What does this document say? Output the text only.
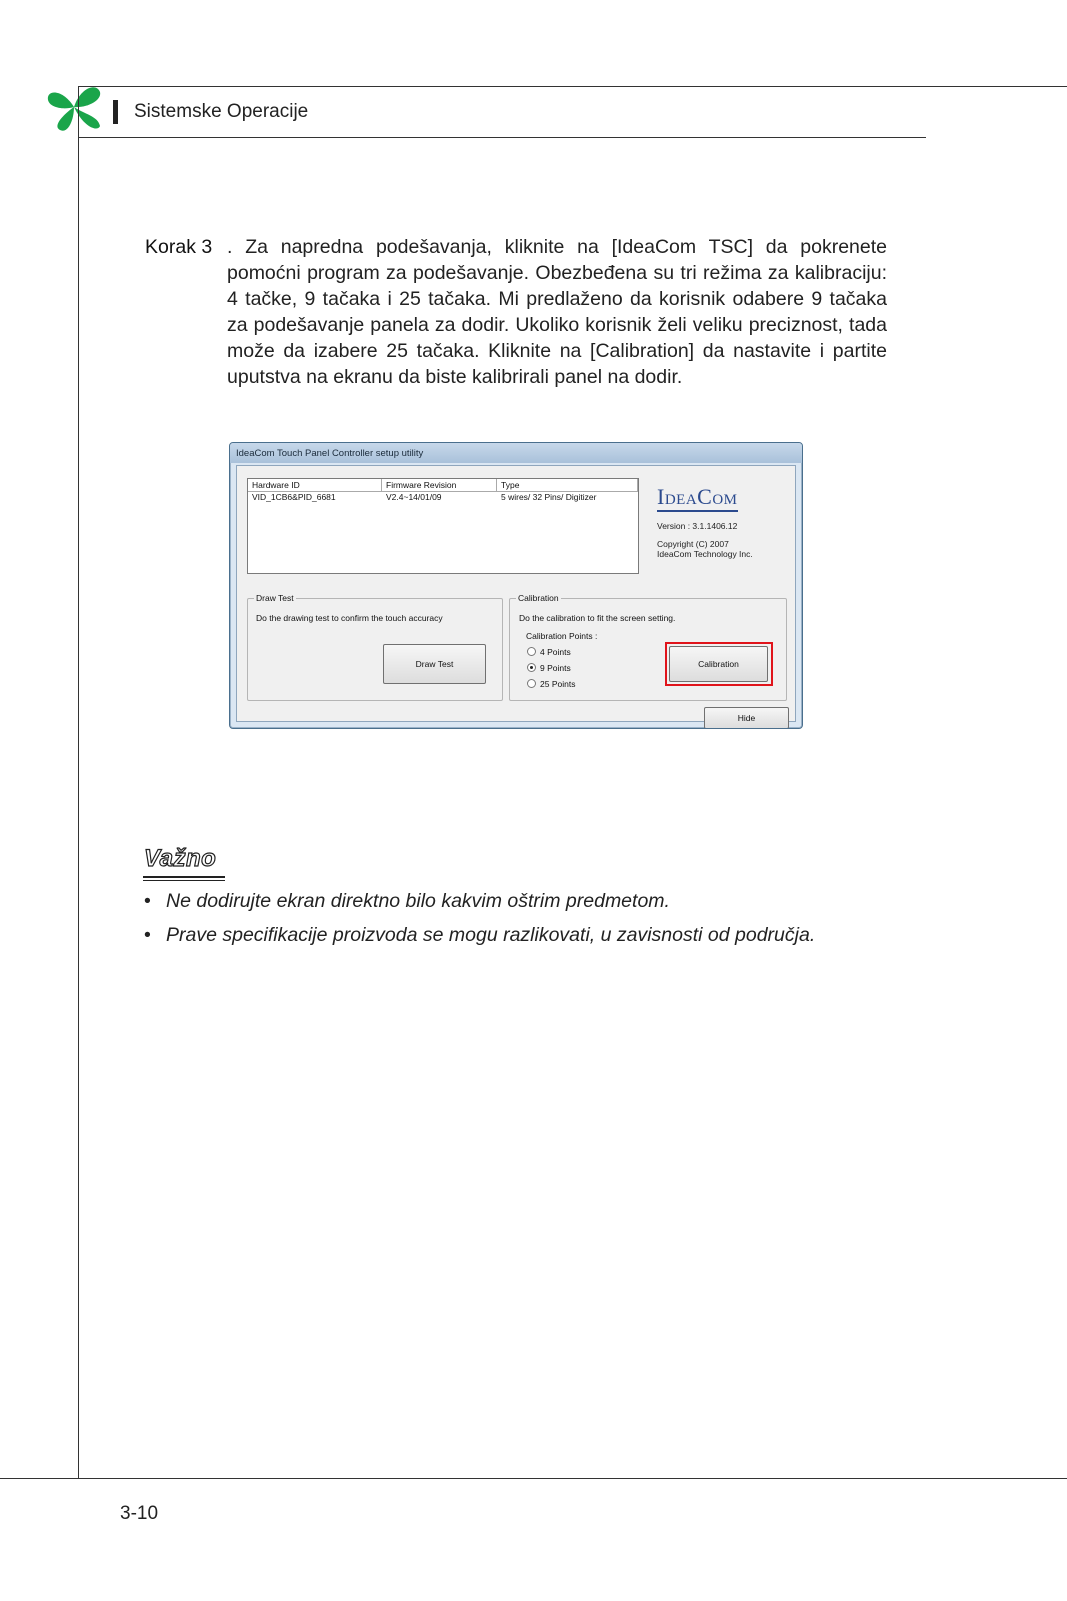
Sistemske Operacije
Korak 3 . Za napredna podešavanja, kliknite na [IdeaCom TSC] da pokrenete pomoćni program za podešavanje. Obezbeđena su tri režima za kalibraciju: 4 tačke, 9 tačaka i 25 tačaka. Mi predlaženo da korisnik odabere 9 tačaka za podešavanje panela za dodir. Ukoliko korisnik želi veliku preciznost, tada može da izabere 25 tačaka. Kliknite na [Calibration] da nastavite i partite uputstva na ekranu da biste kalibrirali panel na dodir.
IdeaCom Touch Panel Controller setup utility
Hardware ID	Firmware Revision	Type
VID_1CB6&PID_6681	V2.4~14/01/09	5 wires/ 32 Pins/ Digitizer	IDEACOM
Version : 3.1.1406.12
Copyright (C) 2007
IdeaCom Technology Inc.
Draw Test
Do the drawing test to confirm the touch accuracy
Draw Test
Calibration
Do the calibration to fit the screen setting.
Calibration Points :
4 Points
9 Points
25 Points
Calibration
Hide
Važno
• Ne dodirujte ekran direktno bilo kakvim oštrim predmetom.
• Prave specifikacije proizvoda se mogu razlikovati, u zavisnosti od područja.
3-10
